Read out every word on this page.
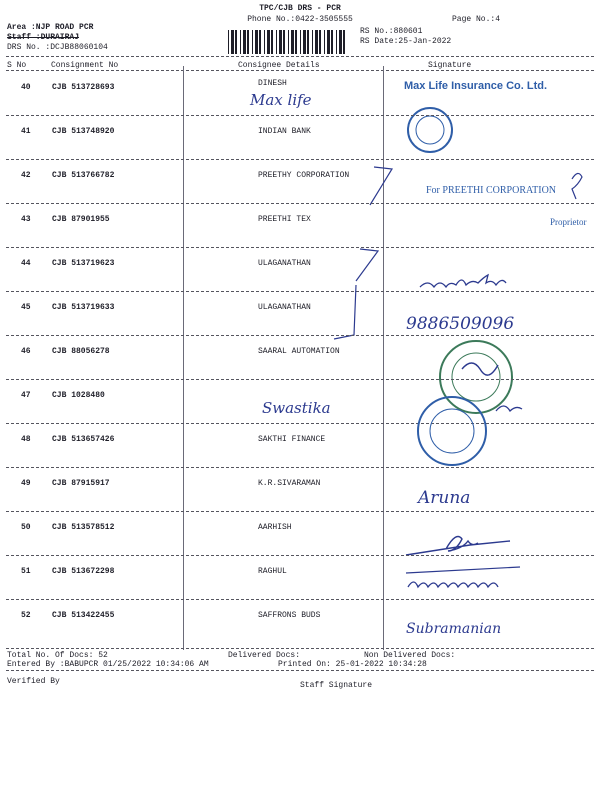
TPC/CJB DRS - PCR
Phone No.:0422-3505555	Page No.:4
Area :NJP ROAD PCR
Staff :DURAIRAJ
DRS No. :DCJB88060104
RS No.:880601
RS Date:25-Jan-2022
S No	Consignment No	Consignee Details	Signature
40	CJB 513728693	DINESH
Max life
Max Life Insurance Co. Ltd.
41	CJB 513748920	INDIAN BANK
42	CJB 513766782	PREETHY CORPORATION
For PREETHI CORPORATION
43	CJB 87901955	PREETHI TEX	Proprietor
44	CJB 513719623	ULAGANATHAN
45	CJB 513719633	ULAGANATHAN
9886509096
46	CJB 88056278	SAARAL AUTOMATION
47	CJB 1028480
Swastika
48	CJB 513657426	SAKTHI FINANCE
49	CJB 87915917	K.R.SIVARAMAN
Aruna
50	CJB 513578512	AARHISH
51	CJB 513672298	RAGHUL
52	CJB 513422455	SAFFRONS BUDS
Subramanian
Total No. Of Docs: 52	Delivered Docs:	Non Delivered Docs:
Entered By :BABUPCR 01/25/2022 10:34:06 AM	Printed On: 25-01-2022 10:34:28
Verified By	Staff Signature
